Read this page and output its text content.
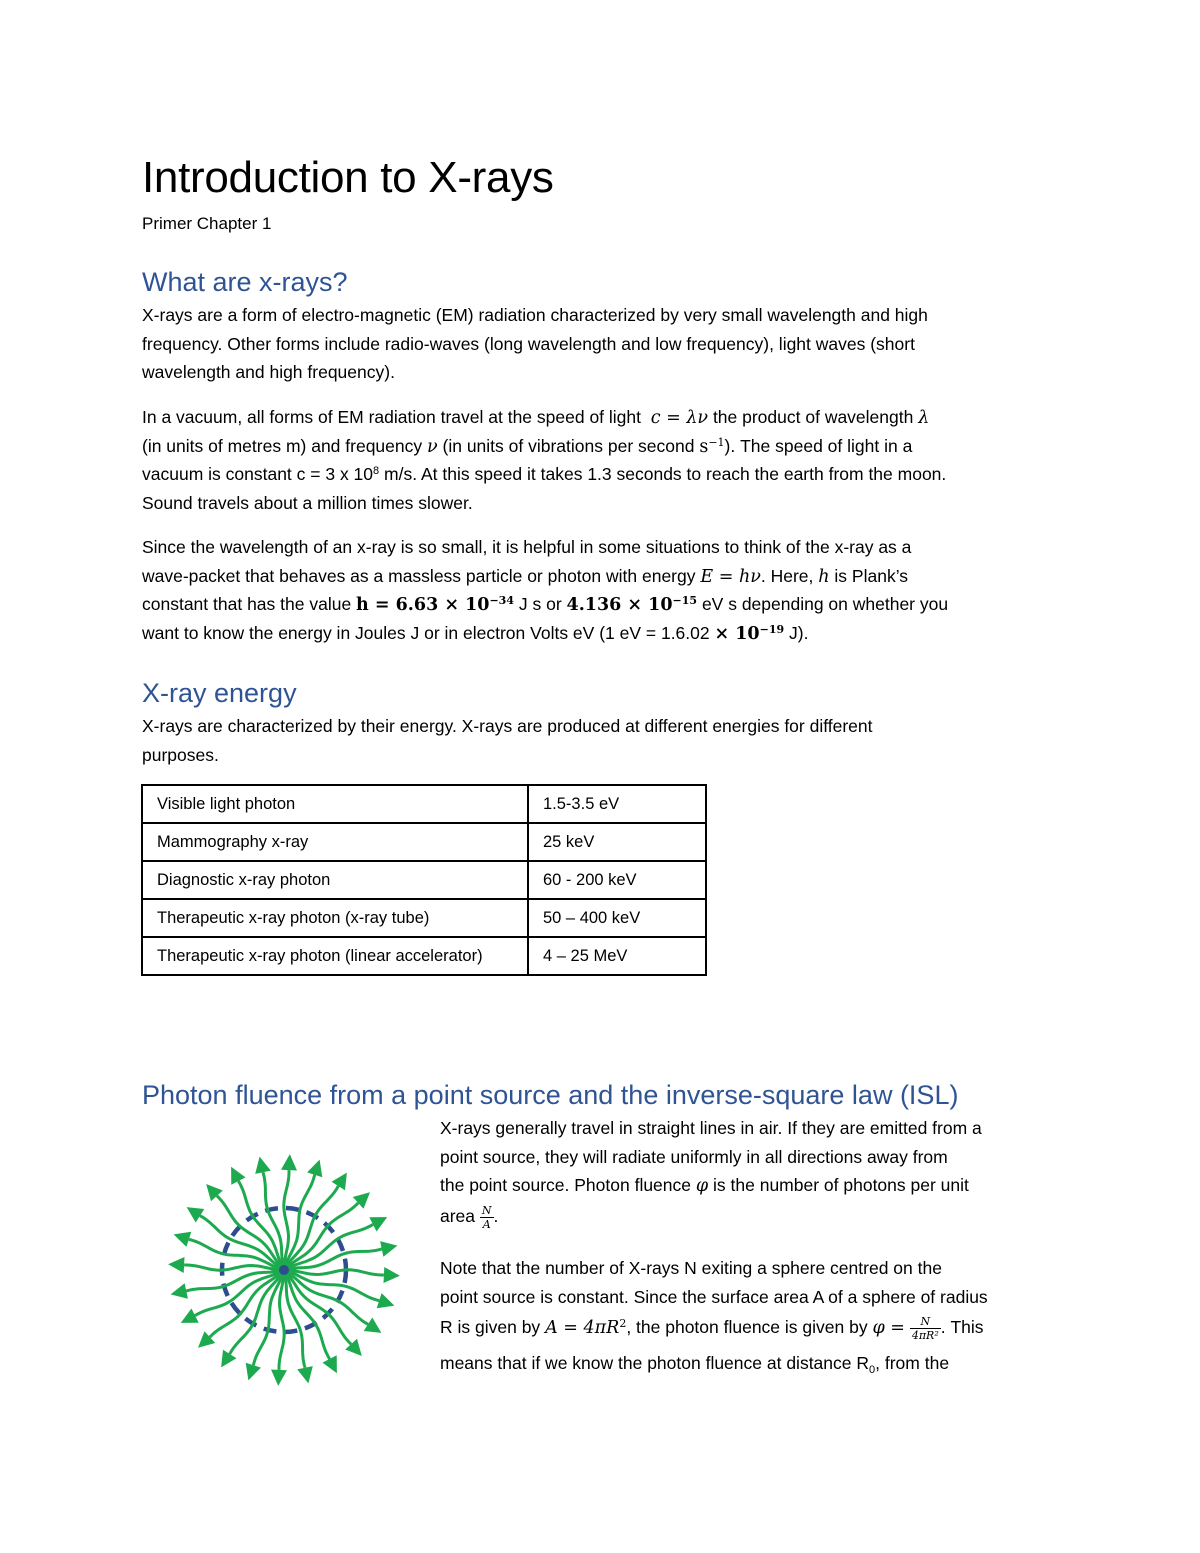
Introduction to X-rays
Primer Chapter 1
What are x-rays?
X-rays are a form of electro-magnetic (EM) radiation characterized by very small wavelength and high
frequency. Other forms include radio-waves (long wavelength and low frequency), light waves (short
wavelength and high frequency).
In a vacuum, all forms of EM radiation travel at the speed of light c = λν the product of wavelength λ
(in units of metres m) and frequency ν (in units of vibrations per second $s^{-1}$). The speed of light in a
vacuum is constant c = 3 x $10^8$ m/s. At this speed it takes 1.3 seconds to reach the earth from the moon.
Sound travels about a million times slower.
Since the wavelength of an x-ray is so small, it is helpful in some situations to think of the x-ray as a
wave-packet that behaves as a massless particle or photon with energy E = hν. Here, h is Plank’s
constant that has the value $h = 6.63 \times 10^{-34}$ J s or $4.136 \times 10^{-15}$ eV s depending on whether you
want to know the energy in Joules J or in electron Volts eV (1 eV = $1.6.02 \times 10^{-19}$ J).
X-ray energy
X-rays are characterized by their energy. X-rays are produced at different energies for different
purposes.
Visible light photon	1.5-3.5 eV
Mammography x-ray	25 keV
Diagnostic x-ray photon	60 - 200 keV
Therapeutic x-ray photon (x-ray tube)	50 – 400 keV
Therapeutic x-ray photon (linear accelerator)	4 – 25 MeV
Photon fluence from a point source and the inverse-square law (ISL)
X-rays generally travel in straight lines in air. If they are emitted from a
point source, they will radiate uniformly in all directions away from
the point source. Photon fluence φ is the number of photons per unit
area $\frac{N}{A}$ .
Note that the number of X-rays N exiting a sphere centred on the
point source is constant. Since the surface area A of a sphere of radius
R is given by $A = 4\pi R^2$, the photon fluence is given by $\varphi = \frac{N}{\text{4πR²}}$ . This
means that if we know the photon fluence at distance $R_0$, from the
